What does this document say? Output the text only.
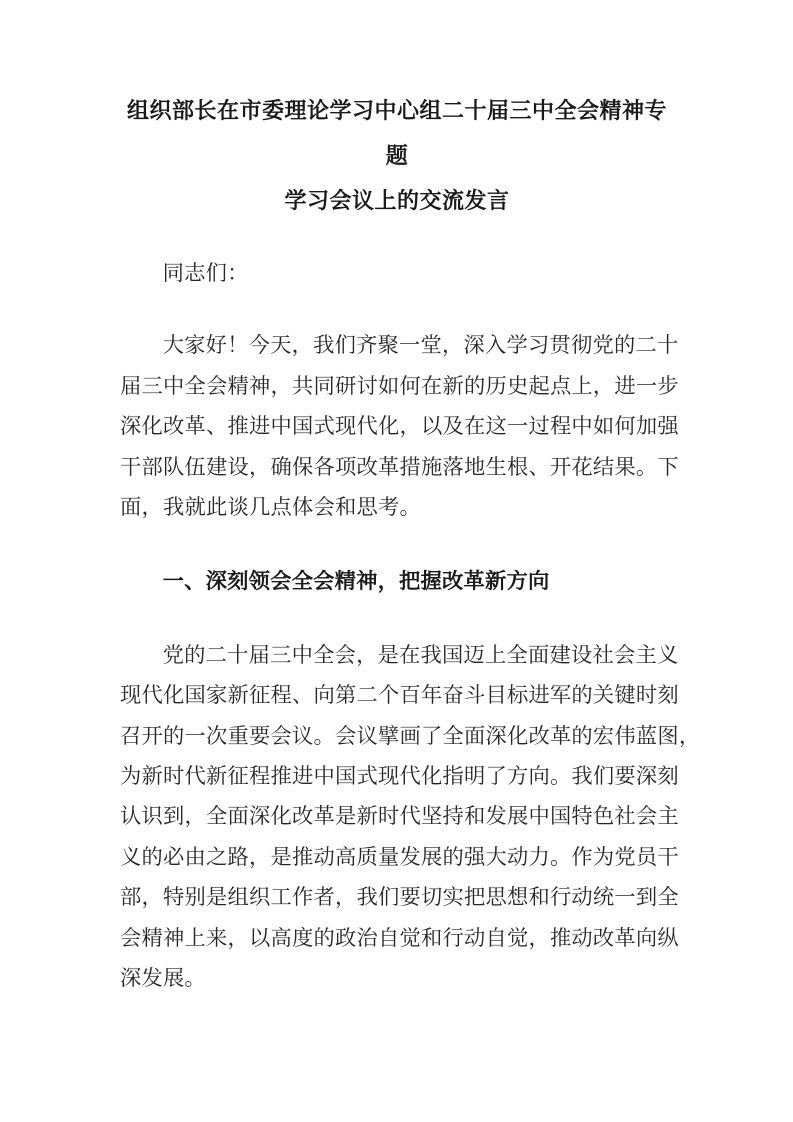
组织部长在市委理论学习中心组二十届三中全会精神专题
学习会议上的交流发言
同志们：
大家好！今天，我们齐聚一堂，深入学习贯彻党的二十
届三中全会精神，共同研讨如何在新的历史起点上，进一步
深化改革、推进中国式现代化，以及在这一过程中如何加强
干部队伍建设，确保各项改革措施落地生根、开花结果。下
面，我就此谈几点体会和思考。
一、深刻领会全会精神，把握改革新方向
党的二十届三中全会，是在我国迈上全面建设社会主义
现代化国家新征程、向第二个百年奋斗目标进军的关键时刻
召开的一次重要会议。会议擘画了全面深化改革的宏伟蓝图，
为新时代新征程推进中国式现代化指明了方向。我们要深刻
认识到，全面深化改革是新时代坚持和发展中国特色社会主
义的必由之路，是推动高质量发展的强大动力。作为党员干
部，特别是组织工作者，我们要切实把思想和行动统一到全
会精神上来，以高度的政治自觉和行动自觉，推动改革向纵
深发展。
